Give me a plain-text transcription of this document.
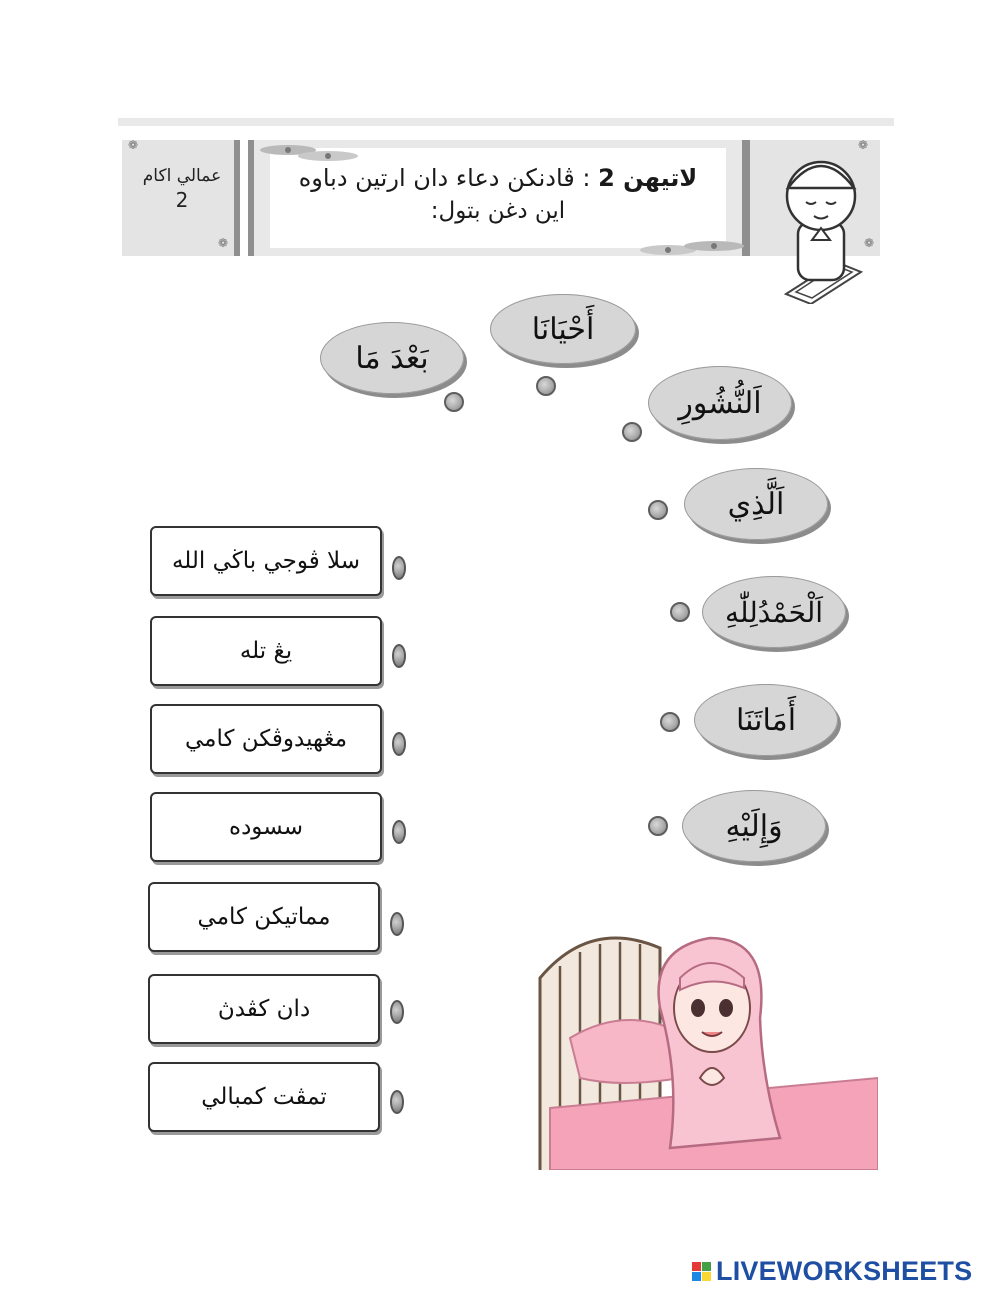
عمالي اكام
2
❁
❁
لاتيهن 2 : ڤادنكن دعاء دان ارتين دباوه
اين دغن بتول:
❁
❁
بَعْدَ مَا
أَحْيَانَا
اَلنُّشُورِ
اَلَّذِي
اَلْحَمْدُلِلّٰهِ
أَمَاتَنَا
وَإِلَيْهِ
سلا ڤوجي باڬي الله
يڠ تله
مڠهيدوڤكن كامي
سسوده
مماتيكن كامي
دان كڤدڽ
تمڤت كمبالي
LIVEWORKSHEETS
